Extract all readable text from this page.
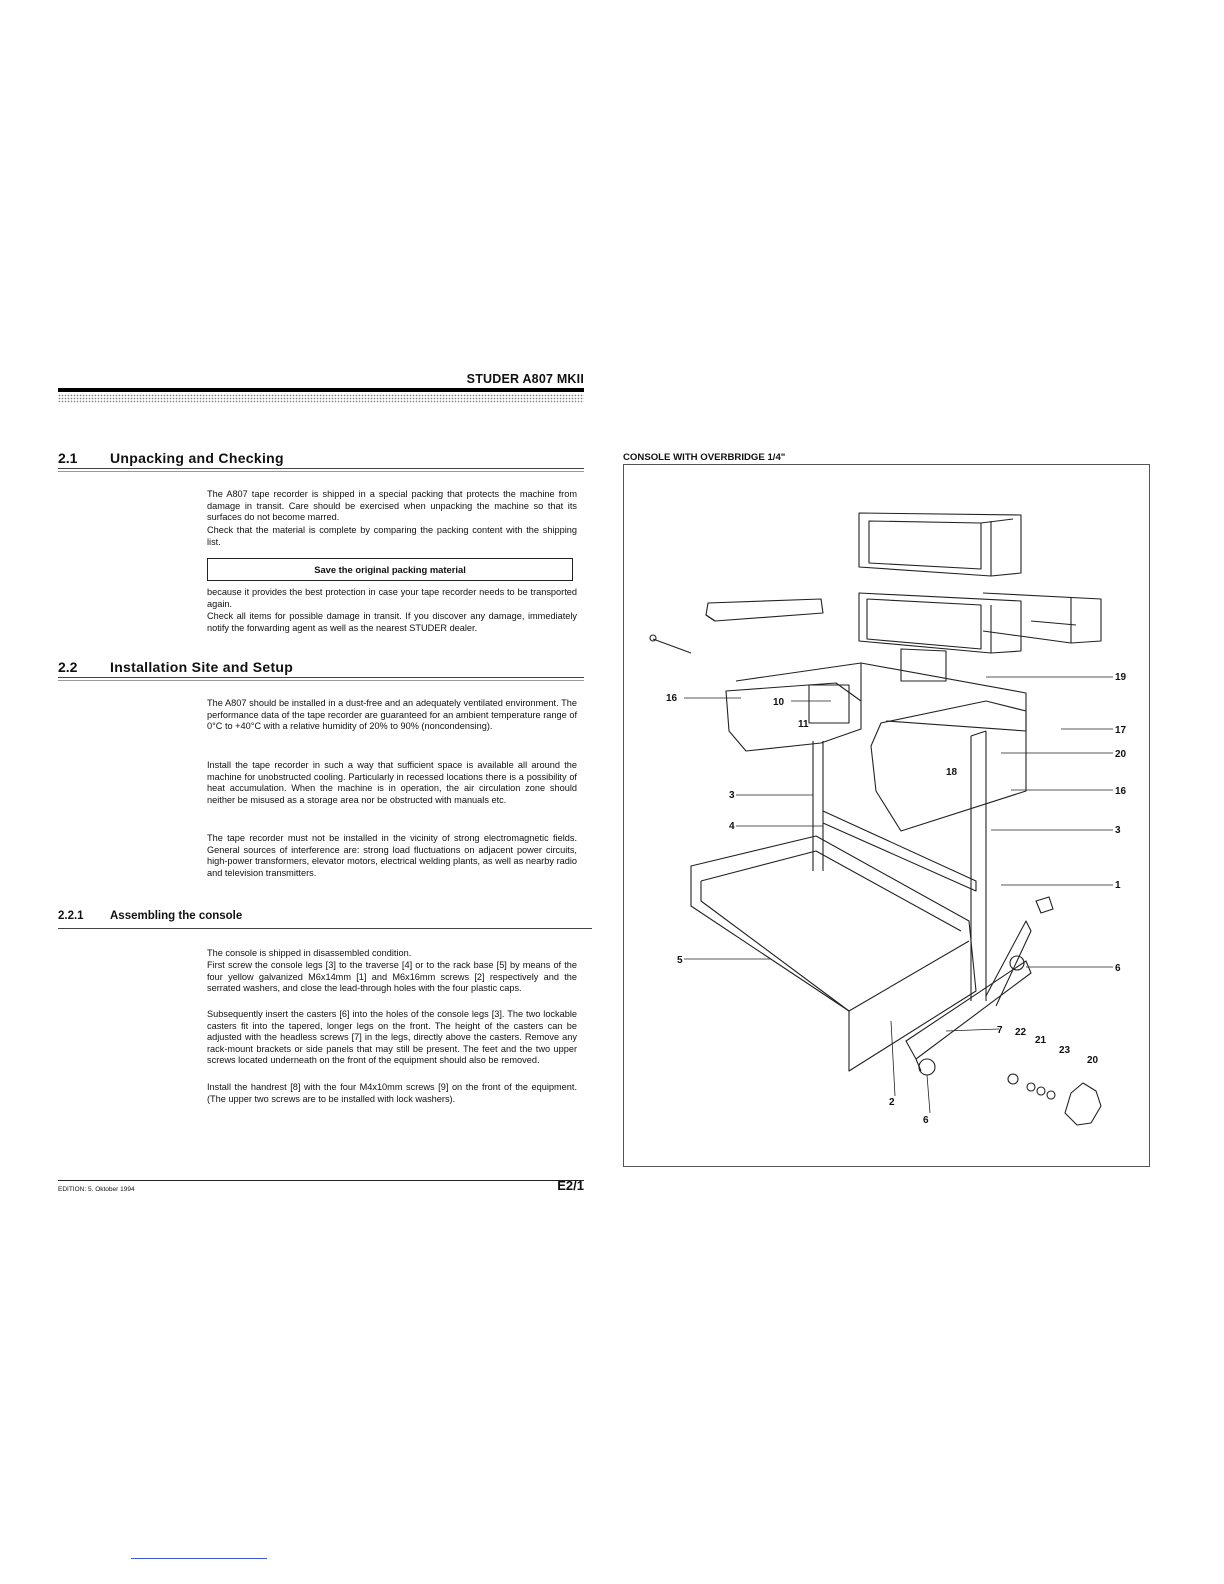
STUDER A807 MKII
2.1 Unpacking and Checking
The A807 tape recorder is shipped in a special packing that protects the machine from damage in transit. Care should be exercised when unpacking the machine so that its surfaces do not become marred.
Check that the material is complete by comparing the packing content with the shipping list.
Save the original packing material
because it provides the best protection in case your tape recorder needs to be transported again.
Check all items for possible damage in transit. If you discover any damage, immediately notify the forwarding agent as well as the nearest STUDER dealer.
2.2 Installation Site and Setup
The A807 should be installed in a dust-free and an adequately ventilated environment. The performance data of the tape recorder are guaranteed for an ambient temperature range of 0°C to +40°C with a relative humidity of 20% to 90% (noncondensing).
Install the tape recorder in such a way that sufficient space is available all around the machine for unobstructed cooling. Particularly in recessed locations there is a possibility of heat accumulation. When the machine is in operation, the air circulation zone should neither be misused as a storage area nor be obstructed with manuals etc.
The tape recorder must not be installed in the vicinity of strong electromagnetic fields. General sources of interference are: strong load fluctuations on adjacent power circuits, high-power transformers, elevator motors, electrical welding plants, as well as nearby radio and television transmitters.
2.2.1 Assembling the console
The console is shipped in disassembled condition.
First screw the console legs [3] to the traverse [4] or to the rack base [5] by means of the four yellow galvanized M6x14mm [1] and M6x16mm screws [2] respectively and the serrated washers, and close the lead-through holes with the four plastic caps.
Subsequently insert the casters [6] into the holes of the console legs [3]. The two lockable casters fit into the tapered, longer legs on the front. The height of the casters can be adjusted with the headless screws [7] in the legs, directly above the casters. Remove any rack-mount brackets or side panels that may still be present. The feet and the two upper screws located underneath on the front of the equipment should also be removed.
Install the handrest [8] with the four M4x10mm screws [9] on the front of the equipment. (The upper two screws are to be installed with lock washers).
CONSOLE WITH OVERBRIDGE 1/4"
19
16	10
11
17
20
16
18
3
3
4
1
5
6
7 22
21
23
20
2
6
EDITION: 5. Oktober 1994	E2/1
